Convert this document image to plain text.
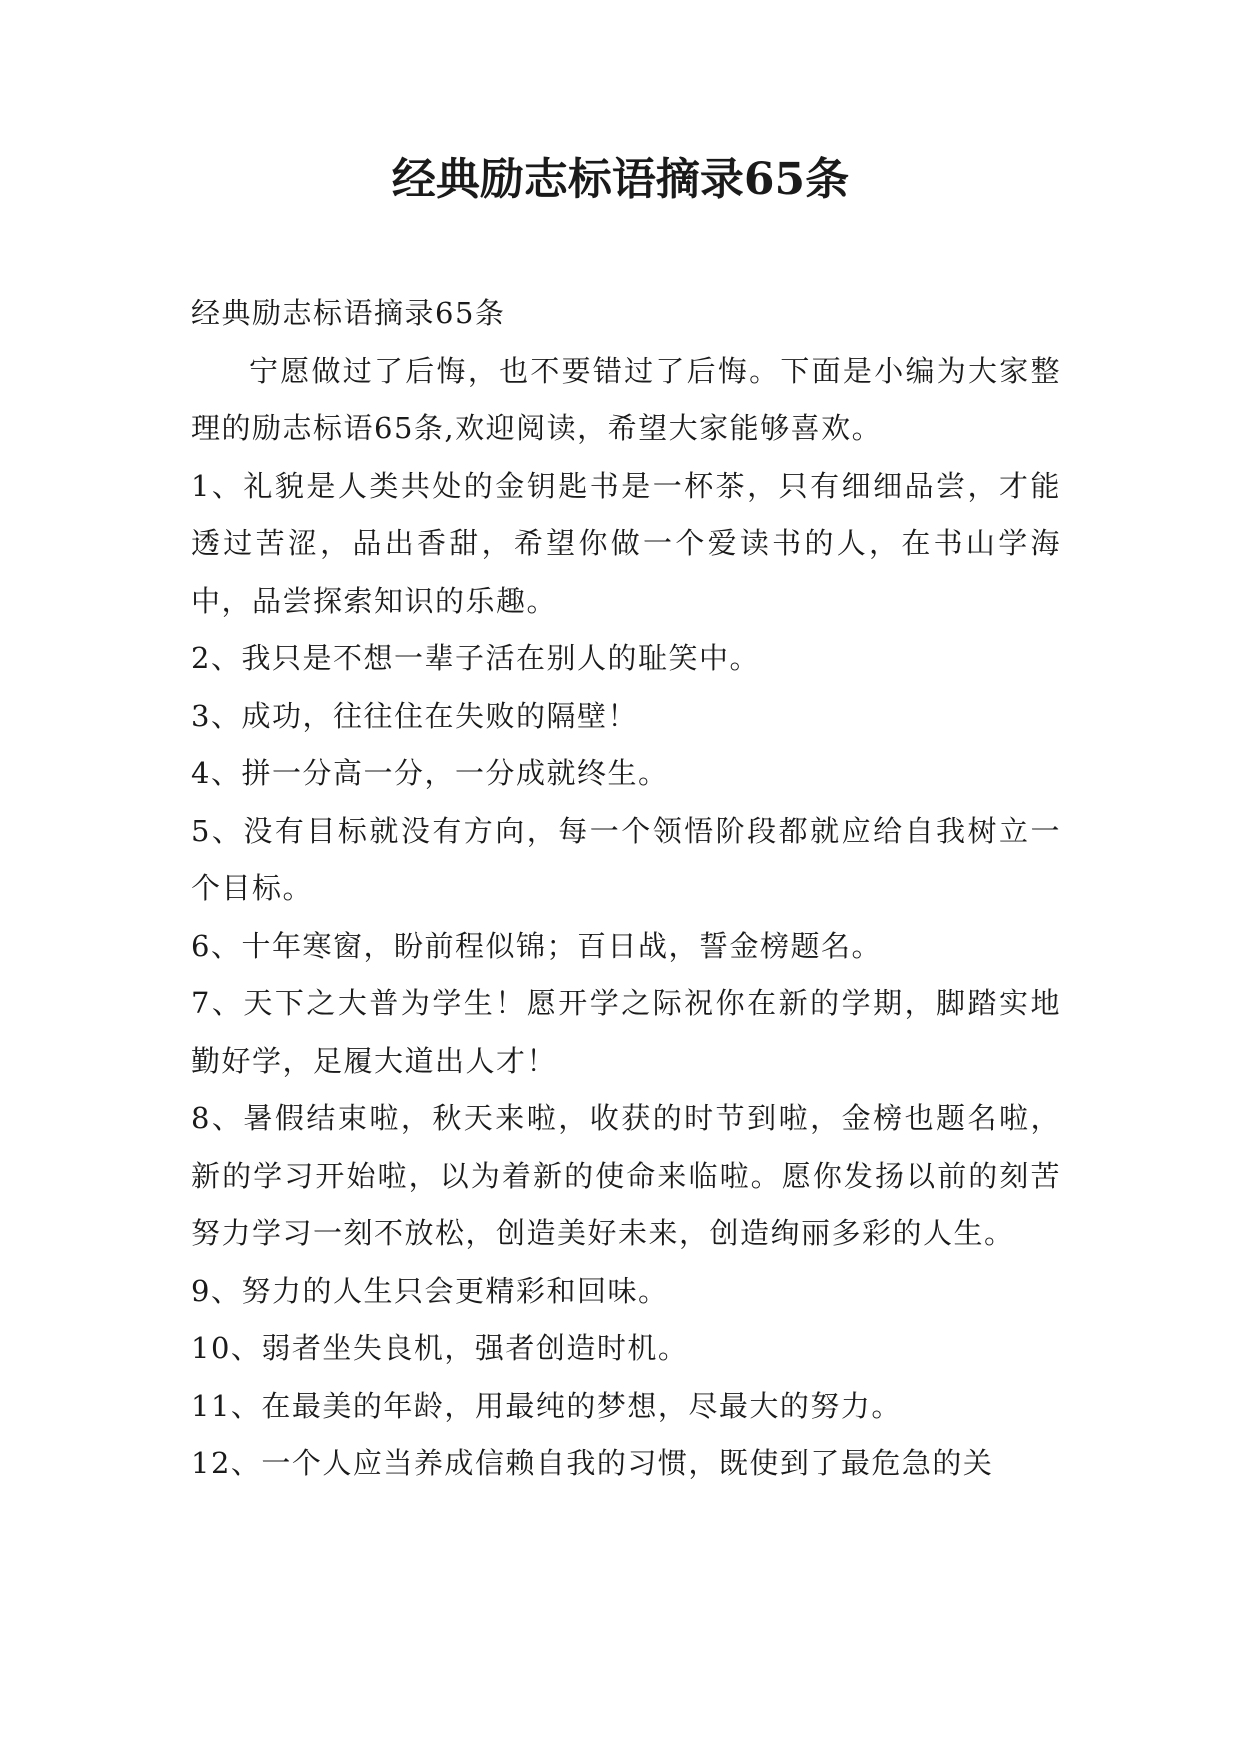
经典励志标语摘录65条

经典励志标语摘录65条

宁愿做过了后悔，也不要错过了后悔。下面是小编为大家整理的励志标语65条,欢迎阅读，希望大家能够喜欢。

1、礼貌是人类共处的金钥匙书是一杯茶，只有细细品尝，才能透过苦涩，品出香甜，希望你做一个爱读书的人，在书山学海中，品尝探索知识的乐趣。

2、我只是不想一辈子活在别人的耻笑中。

3、成功，往往住在失败的隔壁！

4、拼一分高一分，一分成就终生。

5、没有目标就没有方向，每一个领悟阶段都就应给自我树立一个目标。

6、十年寒窗，盼前程似锦；百日战，誓金榜题名。

7、天下之大普为学生！愿开学之际祝你在新的学期，脚踏实地勤好学，足履大道出人才！

8、暑假结束啦，秋天来啦，收获的时节到啦，金榜也题名啦，新的学习开始啦，以为着新的使命来临啦。愿你发扬以前的刻苦努力学习一刻不放松，创造美好未来，创造绚丽多彩的人生。

9、努力的人生只会更精彩和回味。

10、弱者坐失良机，强者创造时机。

11、在最美的年龄，用最纯的梦想，尽最大的努力。

12、一个人应当养成信赖自我的习惯，既使到了最危急的关
